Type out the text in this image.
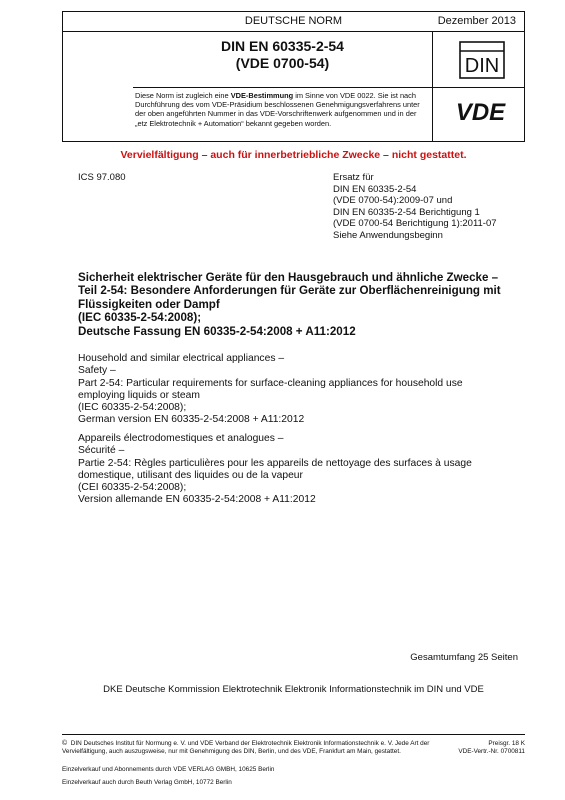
DEUTSCHE NORM	Dezember 2013
DIN EN 60335-2-54
(VDE 0700-54)	DIN
Diese Norm ist zugleich eine VDE-Bestimmung im Sinne von VDE 0022. Sie ist nach Durchführung des vom VDE-Präsidium beschlossenen Genehmigungsverfahrens unter der oben angeführten Nummer in das VDE-Vorschriftenwerk aufgenommen und in der „etz Elektrotechnik + Automation“ bekannt gegeben worden.	VDE
Vervielfältigung – auch für innerbetriebliche Zwecke – nicht gestattet.
ICS 97.080	Ersatz für
DIN EN 60335-2-54
(VDE 0700-54):2009-07 und
DIN EN 60335-2-54 Berichtigung 1
(VDE 0700-54 Berichtigung 1):2011-07
Siehe Anwendungsbeginn
Sicherheit elektrischer Geräte für den Hausgebrauch und ähnliche Zwecke –
Teil 2-54: Besondere Anforderungen für Geräte zur Oberflächenreinigung mit
Flüssigkeiten oder Dampf
(IEC 60335-2-54:2008);
Deutsche Fassung EN 60335-2-54:2008 + A11:2012
Household and similar electrical appliances –
Safety –
Part 2-54: Particular requirements for surface-cleaning appliances for household use
employing liquids or steam
(IEC 60335-2-54:2008);
German version EN 60335-2-54:2008 + A11:2012
Appareils électrodomestiques et analogues –
Sécurité –
Partie 2-54: Règles particulières pour les appareils de nettoyage des surfaces à usage
domestique, utilisant des liquides ou de la vapeur
(CEI 60335-2-54:2008);
Version allemande EN 60335-2-54:2008 + A11:2012
Gesamtumfang 25 Seiten
DKE Deutsche Kommission Elektrotechnik Elektronik Informationstechnik im DIN und VDE
© DIN Deutsches Institut für Normung e. V. und VDE Verband der Elektrotechnik Elektronik Informationstechnik e. V. Jede Art der Vervielfältigung, auch auszugsweise, nur mit Genehmigung des DIN, Berlin, und des VDE, Frankfurt am Main, gestattet.
Preisgr. 18 K
VDE-Vertr.-Nr. 0700811
Einzelverkauf und Abonnements durch VDE VERLAG GMBH, 10625 Berlin
Einzelverkauf auch durch Beuth Verlag GmbH, 10772 Berlin
